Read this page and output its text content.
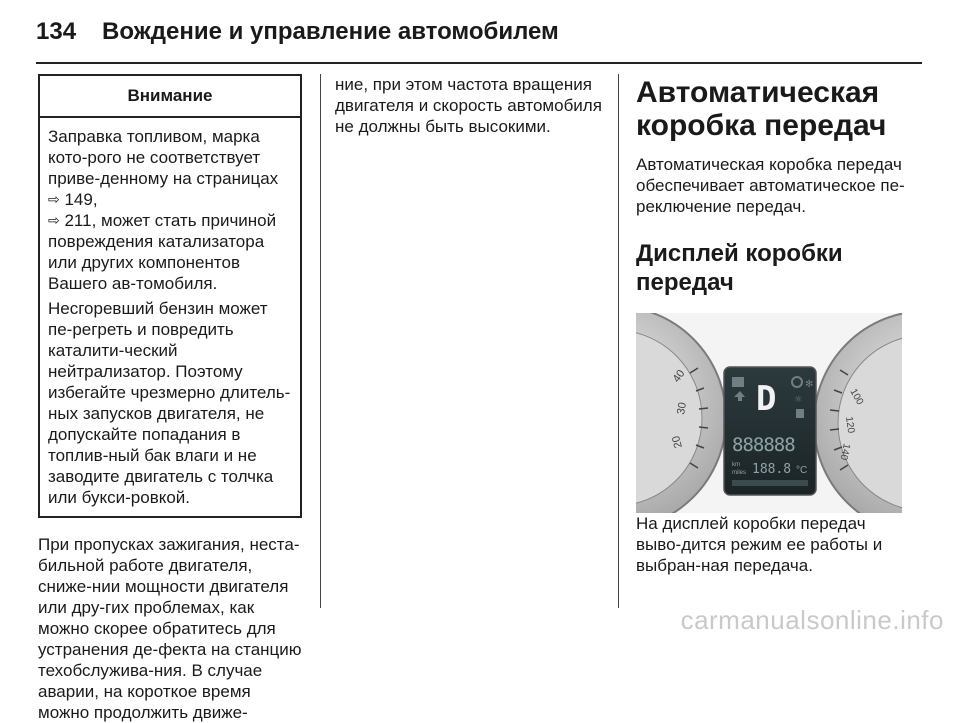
134 Вождение и управление автомобилем
Внимание

Заправка топливом, марка кото-рого не соответствует приве-денному на страницах ⇨ 149,
⇨ 211, может стать причиной повреждения катализатора или других компонентов Вашего ав-томобиля.

Несгоревший бензин может пе-регреть и повредить каталити-ческий нейтрализатор. Поэтому избегайте чрезмерно длитель-ных запусков двигателя, не допускайте попадания в топлив-ный бак влаги и не заводите двигатель с толчка или букси-ровкой.

При пропусках зажигания, неста-бильной работе двигателя, сниже-нии мощности двигателя или дру-гих проблемах, как можно скорее обратитесь для устранения де-фекта на станцию техобслужива-ния. В случае аварии, на короткое время можно продолжить движе-

ние, при этом частота вращения двигателя и скорость автомобиля не должны быть высокими.

Автоматическая коробка передач

Автоматическая коробка передач обеспечивает автоматическое пе-реключение передач.

Дисплей коробки передач
40
30
20
100
120
140
✻
☼
D
888888
km
miles 188.8 °C

На дисплей коробки передач выво-дится режим ее работы и выбран-ная передача.

carmanualsonline.info
